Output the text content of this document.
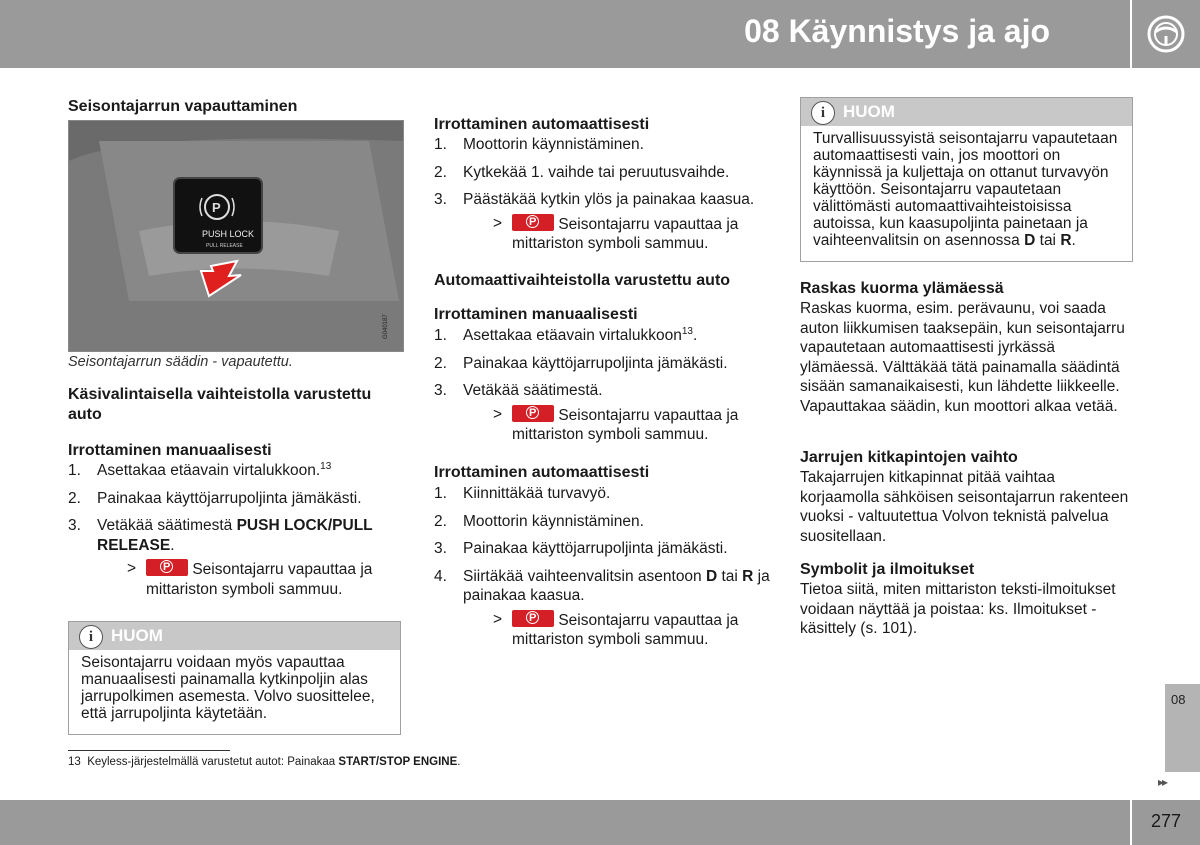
08 Käynnistys ja ajo
Seisontajarrun vapauttaminen
P
PUSH LOCK
PULL RELEASE
G040187
Seisontajarrun säädin - vapautettu.
Käsivalintaisella vaihteistolla varustettu auto
Irrottaminen manuaalisesti
1. Asettakaa etäavain virtalukkoon.$^{13}$
2. Painakaa käyttöjarrupoljinta jämäkästi.
3. Vetäkää säätimestä PUSH LOCK/PULL RELEASE.
> P Seisontajarru vapauttaa ja mittariston symboli sammuu.
i	HUOM
Seisontajarru voidaan myös vapauttaa manuaalisesti painamalla kytkinpoljin alas jarrupolkimen asemesta. Volvo suosittelee, että jarrupoljinta käytetään.
Irrottaminen automaattisesti
1. Moottorin käynnistäminen.
2. Kytkekää 1. vaihde tai peruutusvaihde.
3. Päästäkää kytkin ylös ja painakaa kaasua.
> P Seisontajarru vapauttaa ja mittariston symboli sammuu.
Automaattivaihteistolla varustettu auto
Irrottaminen manuaalisesti
1. Asettakaa etäavain virtalukkoon$^{13}$.
2. Painakaa käyttöjarrupoljinta jämäkästi.
3. Vetäkää säätimestä.
> P Seisontajarru vapauttaa ja mittariston symboli sammuu.
Irrottaminen automaattisesti
1. Kiinnittäkää turvavyö.
2. Moottorin käynnistäminen.
3. Painakaa käyttöjarrupoljinta jämäkästi.
4. Siirtäkää vaihteenvalitsin asentoon D tai R ja painakaa kaasua.
> P Seisontajarru vapauttaa ja mittariston symboli sammuu.
i	HUOM
Turvallisuussyistä seisontajarru vapautetaan automaattisesti vain, jos moottori on käynnissä ja kuljettaja on ottanut turvavyön käyttöön. Seisontajarru vapautetaan välittömästi automaattivaihteistoisissa autoissa, kun kaasupoljinta painetaan ja vaihteenvalitsin on asennossa D tai R.
Raskas kuorma ylämäessä
Raskas kuorma, esim. perävaunu, voi saada auton liikkumisen taaksepäin, kun seisontajarru vapautetaan automaattisesti jyrkässä ylämäessä. Välttäkää tätä painamalla säädintä sisään samanaikaisesti, kun lähdette liikkeelle. Vapauttakaa säädin, kun moottori alkaa vetää.
Jarrujen kitkapintojen vaihto
Takajarrujen kitkapinnat pitää vaihtaa korjaamolla sähköisen seisontajarrun rakenteen vuoksi - valtuutettua Volvon teknistä palvelua suositellaan.
Symbolit ja ilmoitukset
Tietoa siitä, miten mittariston teksti-ilmoitukset voidaan näyttää ja poistaa: ks. Ilmoitukset - käsittely (s. 101).
13 Keyless-järjestelmällä varustetut autot: Painakaa START/STOP ENGINE.
08
▸▸
277
